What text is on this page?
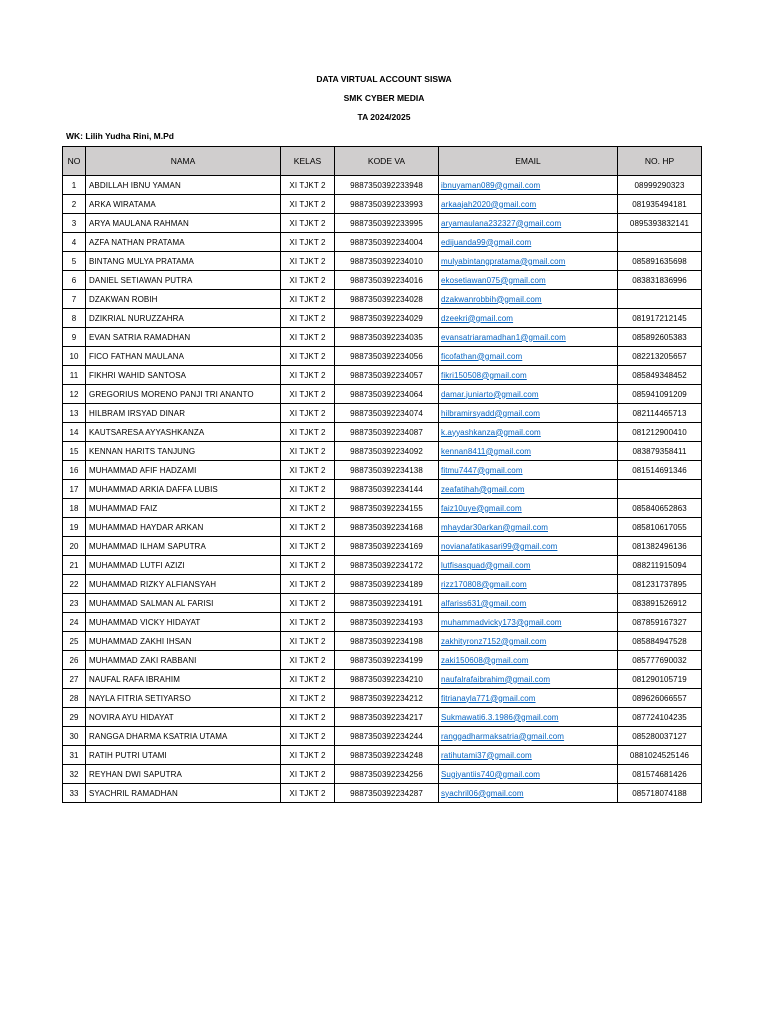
DATA VIRTUAL ACCOUNT SISWA
SMK CYBER MEDIA
TA 2024/2025
WK: Lilih Yudha Rini, M.Pd
NO	NAMA	KELAS	KODE VA	EMAIL	NO. HP
1	ABDILLAH IBNU YAMAN	XI TJKT 2	9887350392233948	ibnuyaman089@gmail.com	08999290323
2	ARKA WIRATAMA	XI TJKT 2	9887350392233993	arkaajah2020@gmail.com	081935494181
3	ARYA MAULANA RAHMAN	XI TJKT 2	9887350392233995	aryamaulana232327@gmail.com	0895393832141
4	AZFA NATHAN PRATAMA	XI TJKT 2	9887350392234004	edijuanda99@gmail.com	
5	BINTANG MULYA PRATAMA	XI TJKT 2	9887350392234010	mulyabintangpratama@gmail.com	085891635698
6	DANIEL SETIAWAN PUTRA	XI TJKT 2	9887350392234016	ekosetiawan075@gmail.com	083831836996
7	DZAKWAN ROBIH	XI TJKT 2	9887350392234028	dzakwanrobbih@gmail.com	
8	DZIKRIAL NURUZZAHRA	XI TJKT 2	9887350392234029	dzeekri@gmail.com	081917212145
9	EVAN SATRIA RAMADHAN	XI TJKT 2	9887350392234035	evansatriaramadhan1@gmail.com	085892605383
10	FICO FATHAN MAULANA	XI TJKT 2	9887350392234056	ficofathan@gmail.com	082213205657
11	FIKHRI WAHID SANTOSA	XI TJKT 2	9887350392234057	fikri150508@gmail.com	085849348452
12	GREGORIUS MORENO PANJI TRI ANANTO	XI TJKT 2	9887350392234064	damar.juniarto@gmail.com	085941091209
13	HILBRAM IRSYAD DINAR	XI TJKT 2	9887350392234074	hilbramirsyadd@gmail.com	082114465713
14	KAUTSARESA AYYASHKANZA	XI TJKT 2	9887350392234087	k.ayyashkanza@gmail.com	081212900410
15	KENNAN HARITS TANJUNG	XI TJKT 2	9887350392234092	kennan8411@gmail.com	083879358411
16	MUHAMMAD AFIF HADZAMI	XI TJKT 2	9887350392234138	fitmu7447@gmail.com	081514691346
17	MUHAMMAD ARKIA DAFFA LUBIS	XI TJKT 2	9887350392234144	zeafatihah@gmail.com	
18	MUHAMMAD FAIZ	XI TJKT 2	9887350392234155	faiz10uye@gmail.com	085840652863
19	MUHAMMAD HAYDAR ARKAN	XI TJKT 2	9887350392234168	mhaydar30arkan@gmail.com	085810617055
20	MUHAMMAD ILHAM SAPUTRA	XI TJKT 2	9887350392234169	novianafatikasari99@gmail.com	081382496136
21	MUHAMMAD LUTFI AZIZI	XI TJKT 2	9887350392234172	lutfisasquad@gmail.com	088211915094
22	MUHAMMAD RIZKY ALFIANSYAH	XI TJKT 2	9887350392234189	rizz170808@gmail.com	081231737895
23	MUHAMMAD SALMAN AL FARISI	XI TJKT 2	9887350392234191	alfariss631@gmail.com	083891526912
24	MUHAMMAD VICKY HIDAYAT	XI TJKT 2	9887350392234193	muhammadvicky173@gmail.com	087859167327
25	MUHAMMAD ZAKHI IHSAN	XI TJKT 2	9887350392234198	zakhityronz7152@gmail.com	085884947528
26	MUHAMMAD ZAKI RABBANI	XI TJKT 2	9887350392234199	zaki150608@gmail.com	085777690032
27	NAUFAL RAFA IBRAHIM	XI TJKT 2	9887350392234210	naufalrafaibrahim@gmail.com	081290105719
28	NAYLA FITRIA SETIYARSO	XI TJKT 2	9887350392234212	fitrianayla771@gmail.com	089626066557
29	NOVIRA AYU HIDAYAT	XI TJKT 2	9887350392234217	Sukmawati6.3.1986@gmail.com	087724104235
30	RANGGA DHARMA KSATRIA UTAMA	XI TJKT 2	9887350392234244	ranggadharmaksatria@gmail.com	085280037127
31	RATIH PUTRI UTAMI	XI TJKT 2	9887350392234248	ratihutami37@gmail.com	0881024525146
32	REYHAN DWI SAPUTRA	XI TJKT 2	9887350392234256	Sugiyantiis740@gmail.com	081574681426
33	SYACHRIL RAMADHAN	XI TJKT 2	9887350392234287	syachril06@gmail.com	085718074188
